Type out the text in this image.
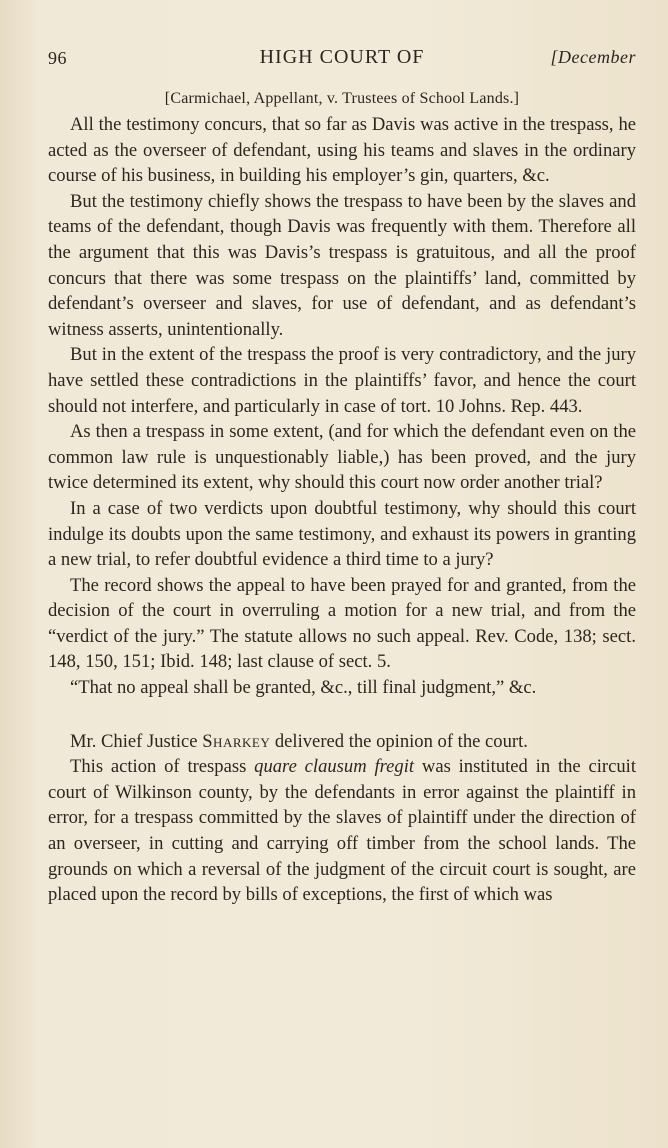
96	HIGH COURT OF	[December
[Carmichael, Appellant, v. Trustees of School Lands.]

All the testimony concurs, that so far as Davis was active in the trespass, he acted as the overseer of defendant, using his teams and slaves in the ordinary course of his business, in building his employer’s gin, quarters, &c.

But the testimony chiefly shows the trespass to have been by the slaves and teams of the defendant, though Davis was frequently with them. Therefore all the argument that this was Davis’s trespass is gratuitous, and all the proof concurs that there was some trespass on the plaintiffs’ land, committed by defendant’s overseer and slaves, for use of defendant, and as defendant’s witness asserts, unintentionally.

But in the extent of the trespass the proof is very contradictory, and the jury have settled these contradictions in the plaintiffs’ favor, and hence the court should not interfere, and particularly in case of tort. 10 Johns. Rep. 443.

As then a trespass in some extent, (and for which the defendant even on the common law rule is unquestionably liable,) has been proved, and the jury twice determined its extent, why should this court now order another trial?

In a case of two verdicts upon doubtful testimony, why should this court indulge its doubts upon the same testimony, and exhaust its powers in granting a new trial, to refer doubtful evidence a third time to a jury?

The record shows the appeal to have been prayed for and granted, from the decision of the court in overruling a motion for a new trial, and from the “verdict of the jury.” The statute allows no such appeal. Rev. Code, 138; sect. 148, 150, 151; Ibid. 148; last clause of sect. 5.

“That no appeal shall be granted, &c., till final judgment,” &c.

Mr. Chief Justice Sharkey delivered the opinion of the court.

This action of trespass quare clausum fregit was instituted in the circuit court of Wilkinson county, by the defendants in error against the plaintiff in error, for a trespass committed by the slaves of plaintiff under the direction of an overseer, in cutting and carrying off timber from the school lands. The grounds on which a reversal of the judgment of the circuit court is sought, are placed upon the record by bills of exceptions, the first of which was
